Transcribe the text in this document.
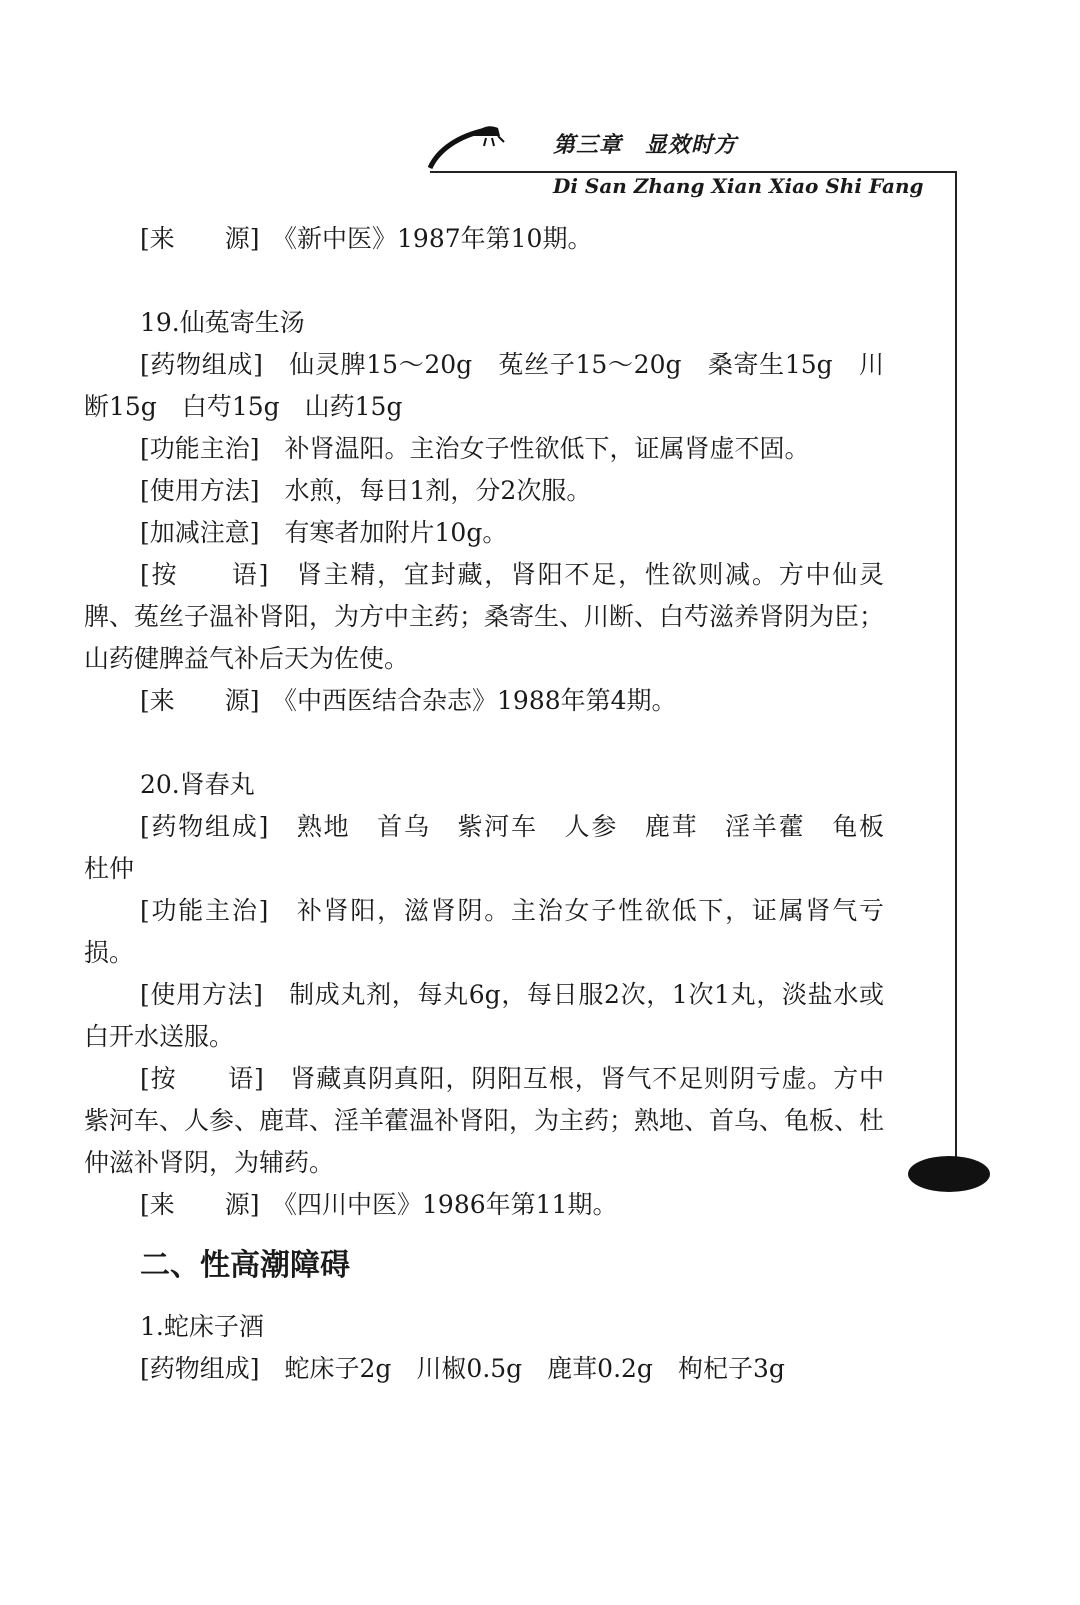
第三章　显效时方
Di San Zhang Xian Xiao Shi Fang

[来　　源]　《新中医》1987年第10期。

19.仙菟寄生汤

[药物组成]　仙灵脾15～20g　菟丝子15～20g　桑寄生15g　川断15g　白芍15g　山药15g

[功能主治]　补肾温阳。主治女子性欲低下，证属肾虚不固。

[使用方法]　水煎，每日1剂，分2次服。

[加减注意]　有寒者加附片10g。

[按　　语]　肾主精，宜封藏，肾阳不足，性欲则减。方中仙灵脾、菟丝子温补肾阳，为方中主药；桑寄生、川断、白芍滋养肾阴为臣；山药健脾益气补后天为佐使。

[来　　源]　《中西医结合杂志》1988年第4期。

20.肾春丸

[药物组成]　熟地　首乌　紫河车　人参　鹿茸　淫羊藿　龟板　杜仲

[功能主治]　补肾阳，滋肾阴。主治女子性欲低下，证属肾气亏损。

[使用方法]　制成丸剂，每丸6g，每日服2次，1次1丸，淡盐水或白开水送服。

[按　　语]　肾藏真阴真阳，阴阳互根，肾气不足则阴亏虚。方中紫河车、人参、鹿茸、淫羊藿温补肾阳，为主药；熟地、首乌、龟板、杜仲滋补肾阴，为辅药。

[来　　源]　《四川中医》1986年第11期。

二、性高潮障碍

1.蛇床子酒

[药物组成]　蛇床子2g　川椒0.5g　鹿茸0.2g　枸杞子3g
